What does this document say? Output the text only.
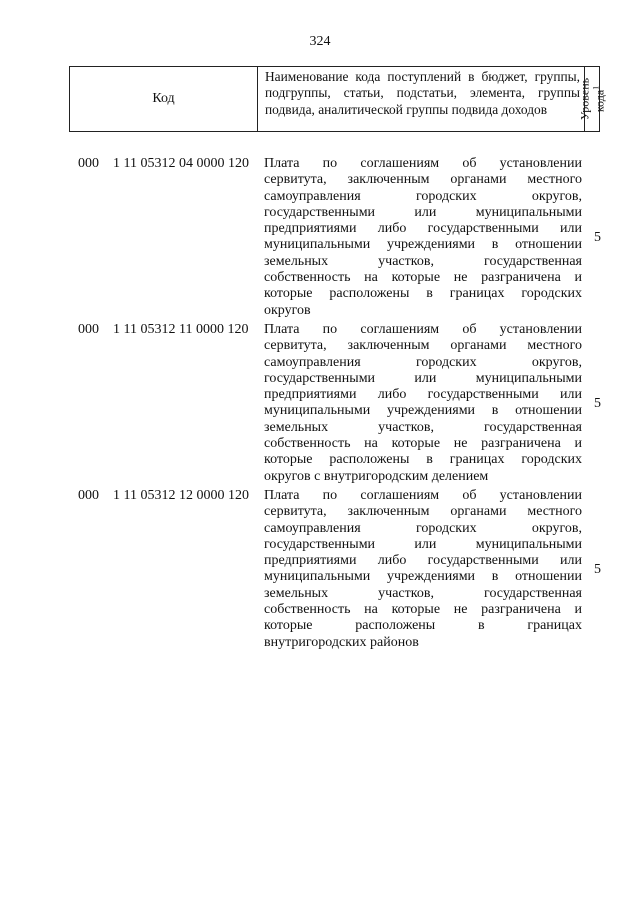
324
Код
Наименование кода поступлений в бюджет, группы, подгруппы, статьи, подстатьи, элемента, группы подвида, аналитической группы подвида доходов	Уровень кода$^1$
000 1 11 05312 04 0000 120 Плата по соглашениям об установлении
сервитута, заключенным органами местного
самоуправления городских округов,
государственными или муниципальными
предприятиями либо государственными или
муниципальными учреждениями в отношении
земельных участков, государственная
собственность на которые не разграничена и
которые расположены в границах городских
округов
5
000 1 11 05312 11 0000 120 Плата по соглашениям об установлении
сервитута, заключенным органами местного
самоуправления городских округов,
государственными или муниципальными
предприятиями либо государственными или
муниципальными учреждениями в отношении
земельных участков, государственная
собственность на которые не разграничена и
которые расположены в границах городских
округов с внутригородским делением
5
000 1 11 05312 12 0000 120 Плата по соглашениям об установлении
сервитута, заключенным органами местного
самоуправления городских округов,
государственными или муниципальными
предприятиями либо государственными или
муниципальными учреждениями в отношении
земельных участков, государственная
собственность на которые не разграничена и
которые расположены в границах
внутригородских районов
5
